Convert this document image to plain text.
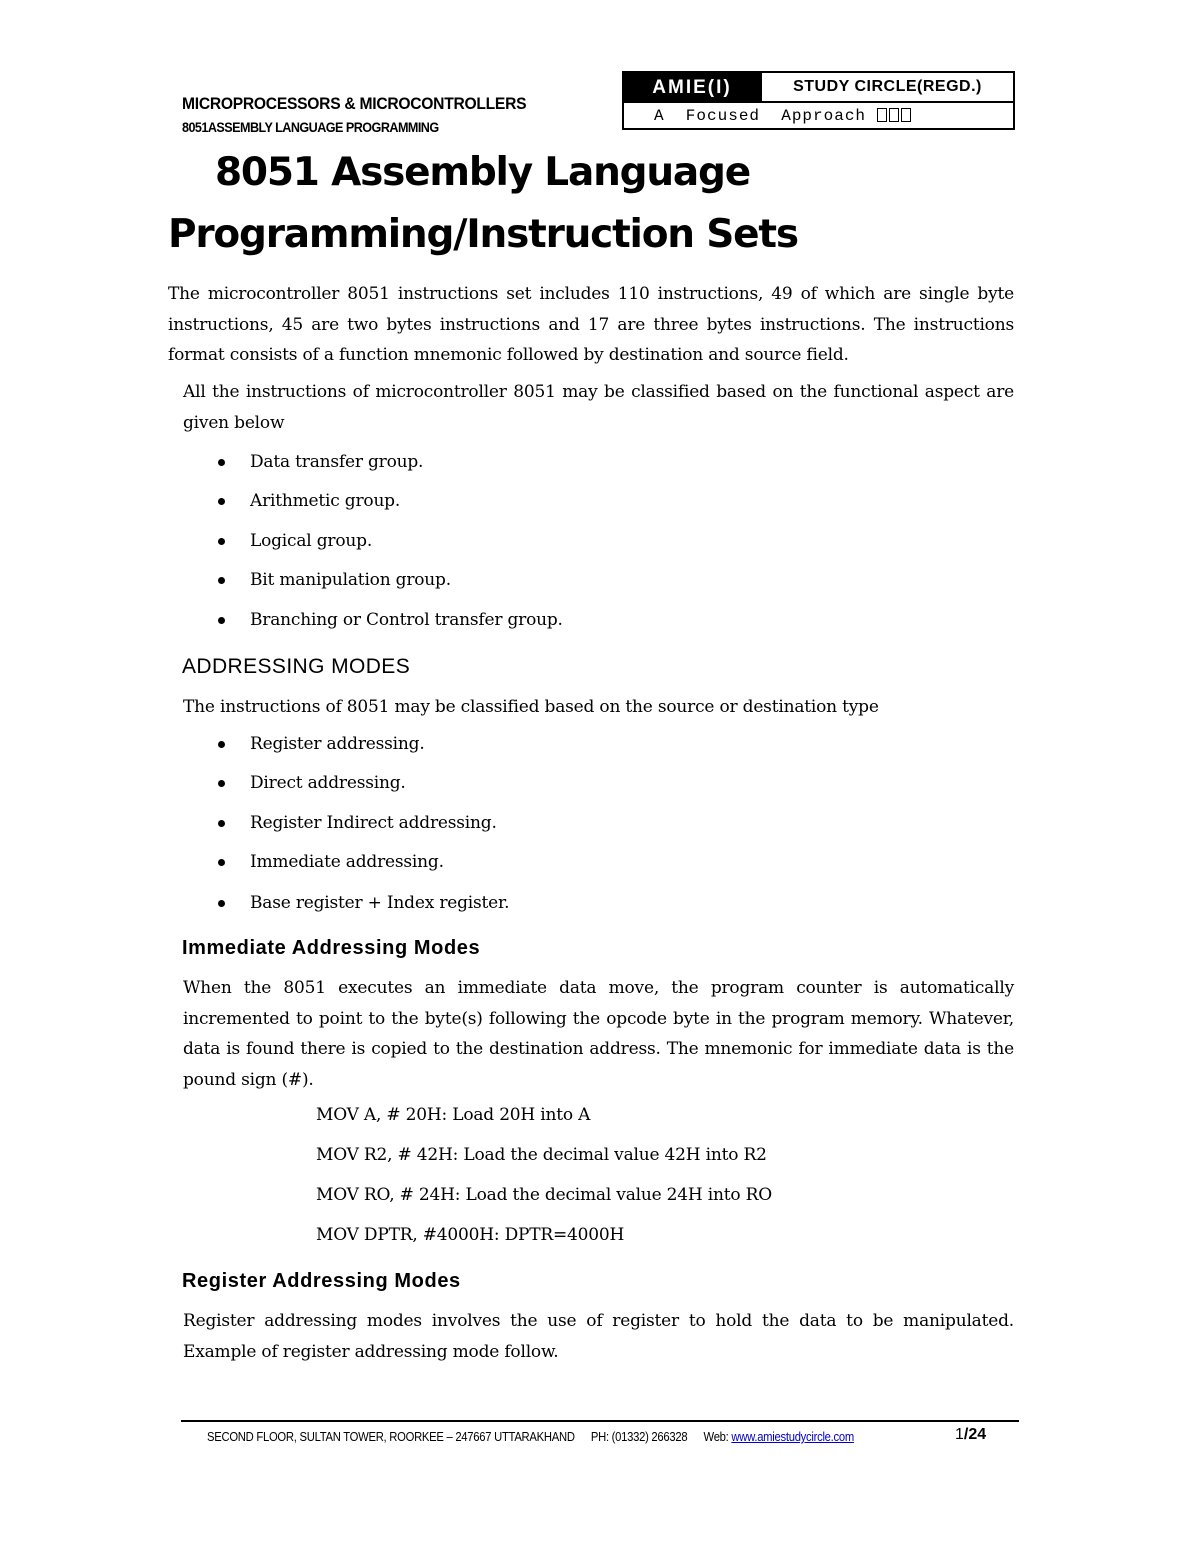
MICROPROCESSORS & MICROCONTROLLERS
8051ASSEMBLY LANGUAGE PROGRAMMING
AMIE(I)	STUDY CIRCLE(REGD.)
A  Focused  Approach
8051 Assembly Language
Programming/Instruction Sets

The microcontroller 8051 instructions set includes 110 instructions, 49 of which are single byte instructions, 45 are two bytes instructions and 17 are three bytes instructions. The instructions format consists of a function mnemonic followed by destination and source field.

All the instructions of microcontroller 8051 may be classified based on the functional aspect are given below

Data transfer group.
Arithmetic group.
Logical group.
Bit manipulation group.
Branching or Control transfer group.
ADDRESSING MODES
The instructions of 8051 may be classified based on the source or destination type
Register addressing.
Direct addressing.
Register Indirect addressing.
Immediate addressing.
Base register + Index register.
Immediate Addressing Modes

When the 8051 executes an immediate data move, the program counter is automatically incremented to point to the byte(s) following the opcode byte in the program memory. Whatever, data is found there is copied to the destination address. The mnemonic for immediate data is the pound sign (#).

MOV A, # 20H: Load 20H into A
MOV R2, # 42H: Load the decimal value 42H into R2
MOV RO, # 24H: Load the decimal value 24H into RO
MOV DPTR, #4000H: DPTR=4000H
Register Addressing Modes

Register addressing modes involves the use of register to hold the data to be manipulated. Example of register addressing mode follow.

SECOND FLOOR, SULTAN TOWER, ROORKEE – 247667 UTTARAKHAND PH: (01332) 266328 Web: www.amiestudycircle.com	1/24
